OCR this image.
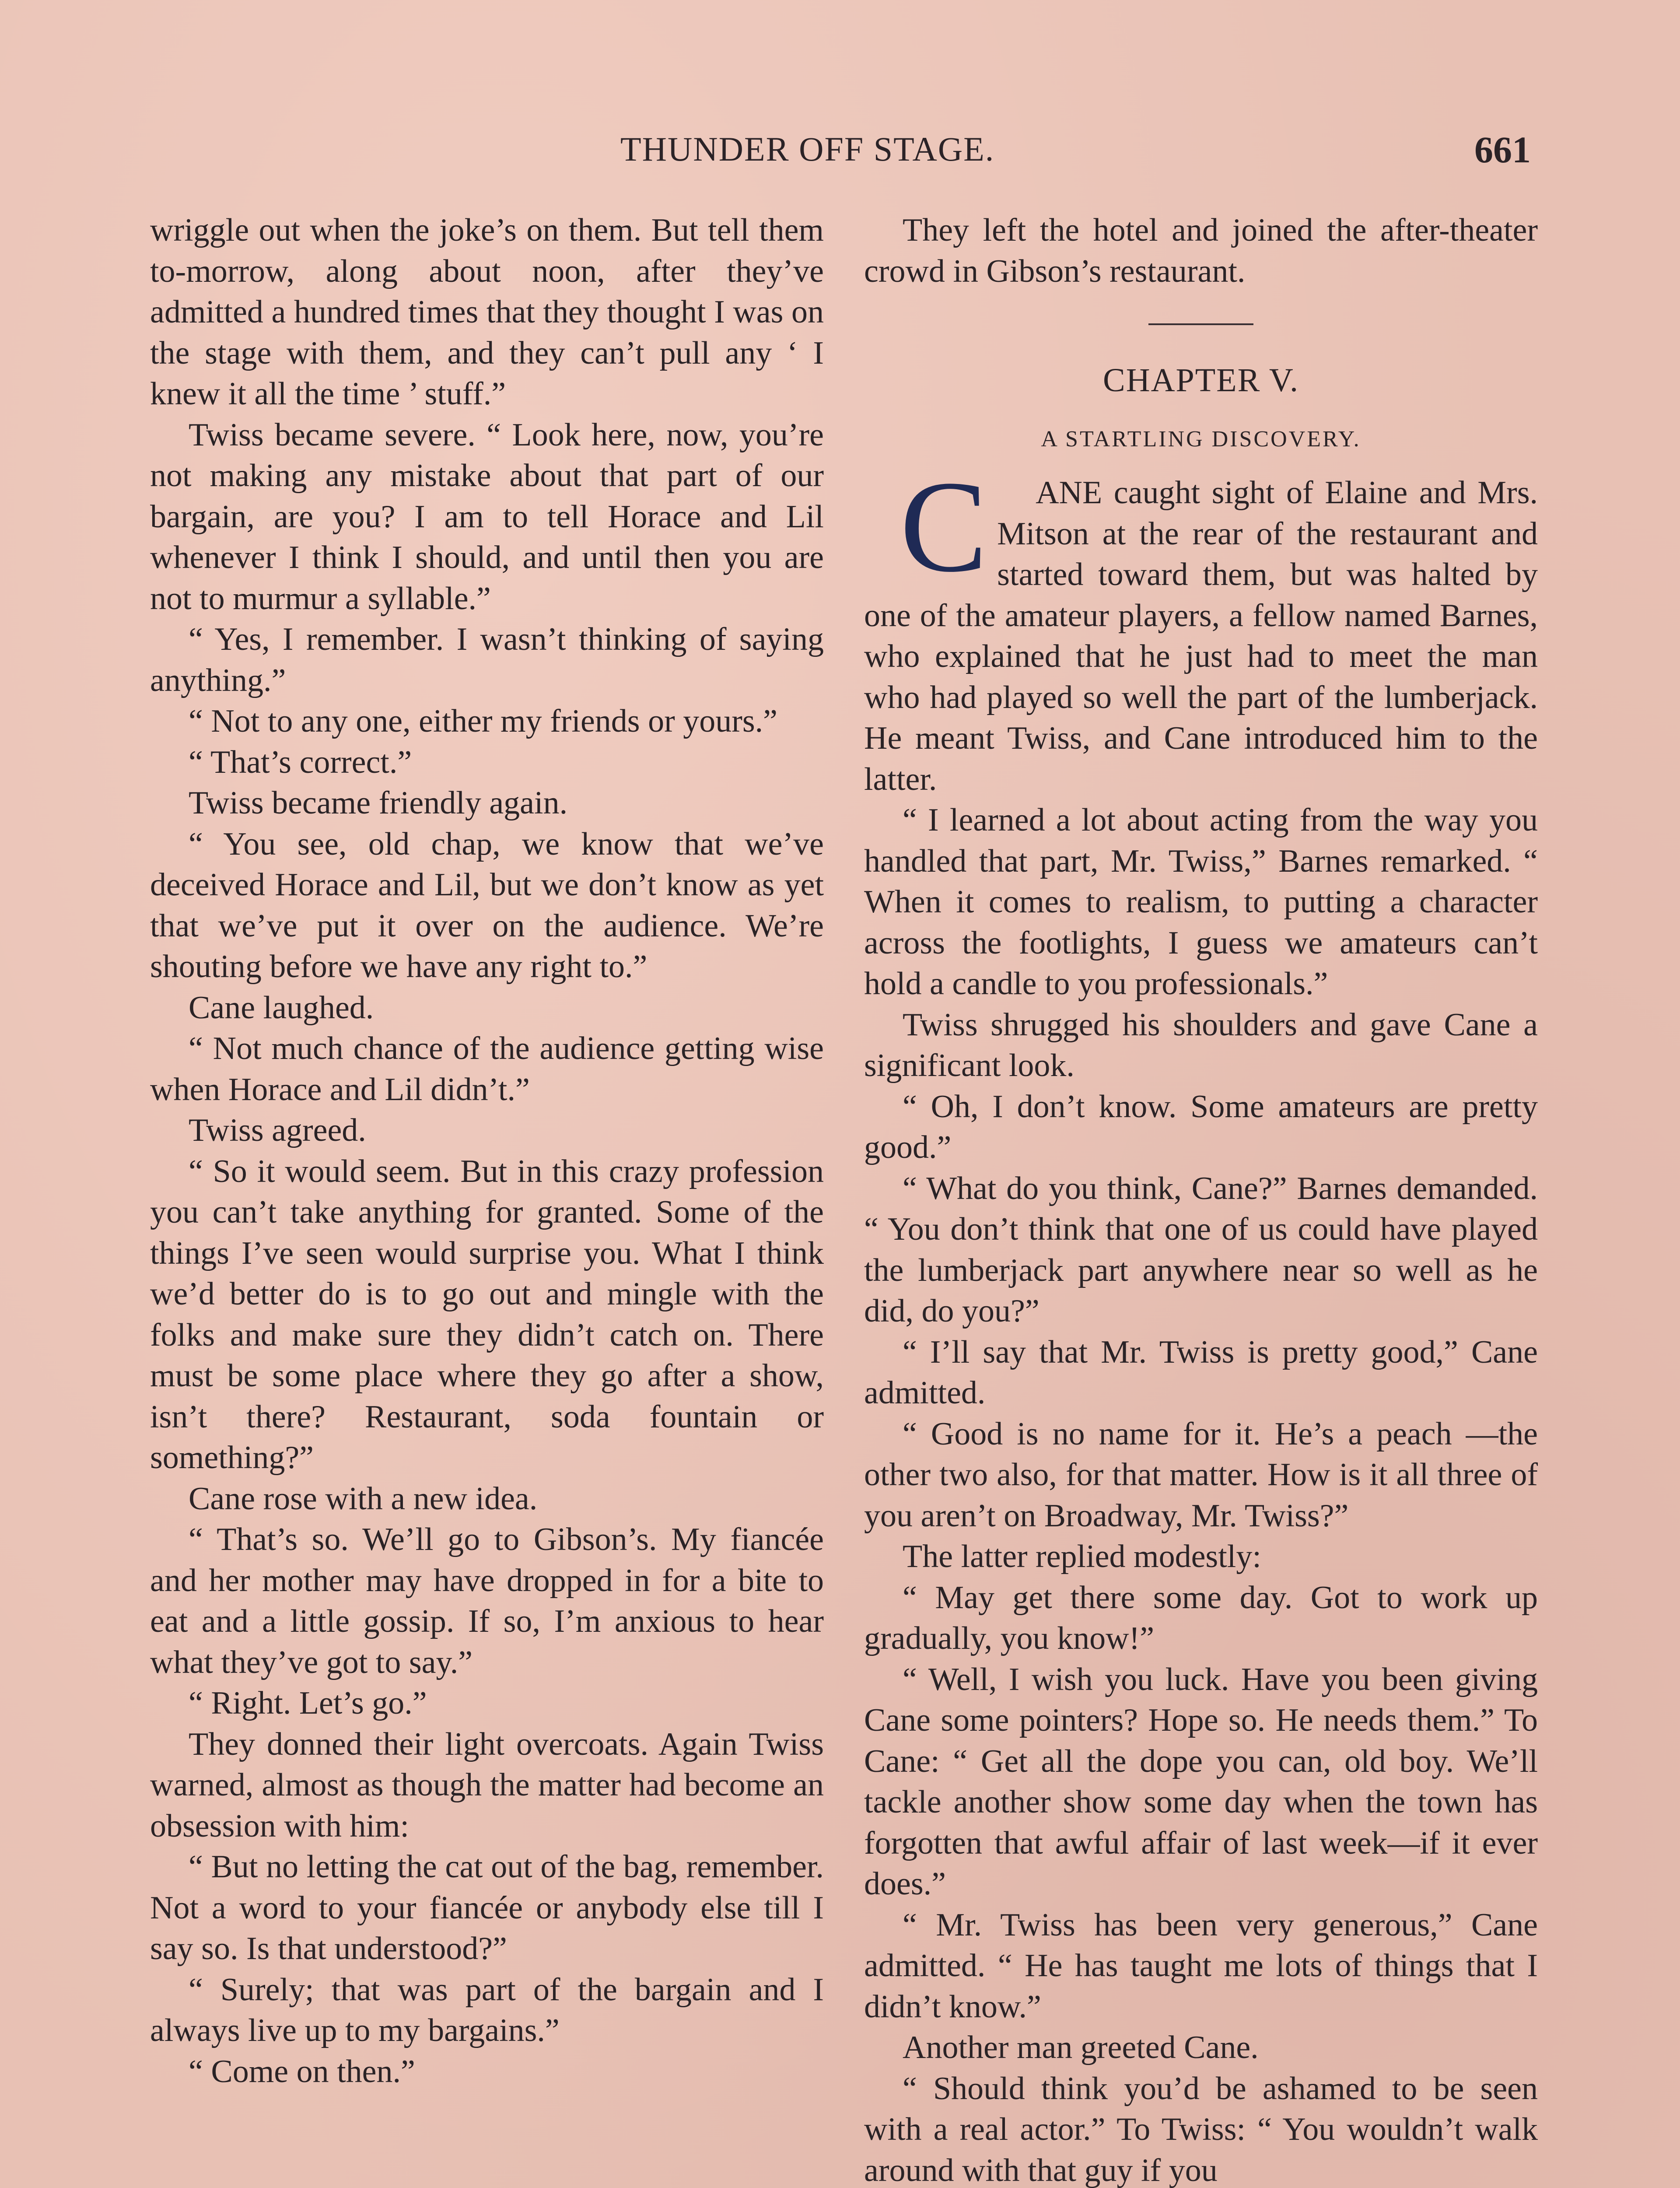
THUNDER OFF STAGE.	661

wriggle out when the joke’s on them. But tell them to-morrow, along about noon, after they’ve admitted a hundred times that they thought I was on the stage with them, and they can’t pull any ‘ I knew it all the time ’ stuff.”

Twiss became severe. “ Look here, now, you’re not making any mistake about that part of our bargain, are you? I am to tell Horace and Lil whenever I think I should, and until then you are not to murmur a syllable.”

“ Yes, I remember. I wasn’t thinking of saying anything.”

“ Not to any one, either my friends or yours.”

“ That’s correct.”

Twiss became friendly again.

“ You see, old chap, we know that we’ve deceived Horace and Lil, but we don’t know as yet that we’ve put it over on the audience. We’re shouting before we have any right to.”

Cane laughed.

“ Not much chance of the audience getting wise when Horace and Lil didn’t.”

Twiss agreed.

“ So it would seem. But in this crazy profession you can’t take anything for granted. Some of the things I’ve seen would surprise you. What I think we’d better do is to go out and mingle with the folks and make sure they didn’t catch on. There must be some place where they go after a show, isn’t there? Restaurant, soda fountain or something?”

Cane rose with a new idea.

“ That’s so. We’ll go to Gibson’s. My fiancée and her mother may have dropped in for a bite to eat and a little gossip. If so, I’m anxious to hear what they’ve got to say.”

“ Right. Let’s go.”

They donned their light overcoats. Again Twiss warned, almost as though the matter had become an obsession with him:

“ But no letting the cat out of the bag, remember. Not a word to your fiancée or anybody else till I say so. Is that understood?”

“ Surely; that was part of the bargain and I always live up to my bargains.”

“ Come on then.”

They left the hotel and joined the after-theater crowd in Gibson’s restaurant.

CHAPTER V.
A STARTLING DISCOVERY.

C ANE caught sight of Elaine and Mrs. Mitson at the rear of the restaurant and started toward them, but was halted by one of the amateur players, a fellow named Barnes, who explained that he just had to meet the man who had played so well the part of the lumberjack. He meant Twiss, and Cane introduced him to the latter.

“ I learned a lot about acting from the way you handled that part, Mr. Twiss,” Barnes remarked. “ When it comes to realism, to putting a character across the footlights, I guess we amateurs can’t hold a candle to you professionals.”

Twiss shrugged his shoulders and gave Cane a significant look.

“ Oh, I don’t know. Some amateurs are pretty good.”

“ What do you think, Cane?” Barnes demanded. “ You don’t think that one of us could have played the lumberjack part anywhere near so well as he did, do you?”

“ I’ll say that Mr. Twiss is pretty good,” Cane admitted.

“ Good is no name for it. He’s a peach —the other two also, for that matter. How is it all three of you aren’t on Broadway, Mr. Twiss?”

The latter replied modestly:

“ May get there some day. Got to work up gradually, you know!”

“ Well, I wish you luck. Have you been giving Cane some pointers? Hope so. He needs them.” To Cane: “ Get all the dope you can, old boy. We’ll tackle another show some day when the town has forgotten that awful affair of last week—if it ever does.”

“ Mr. Twiss has been very generous,” Cane admitted. “ He has taught me lots of things that I didn’t know.”

Another man greeted Cane.

“ Should think you’d be ashamed to be seen with a real actor.” To Twiss: “ You wouldn’t walk around with that guy if you
